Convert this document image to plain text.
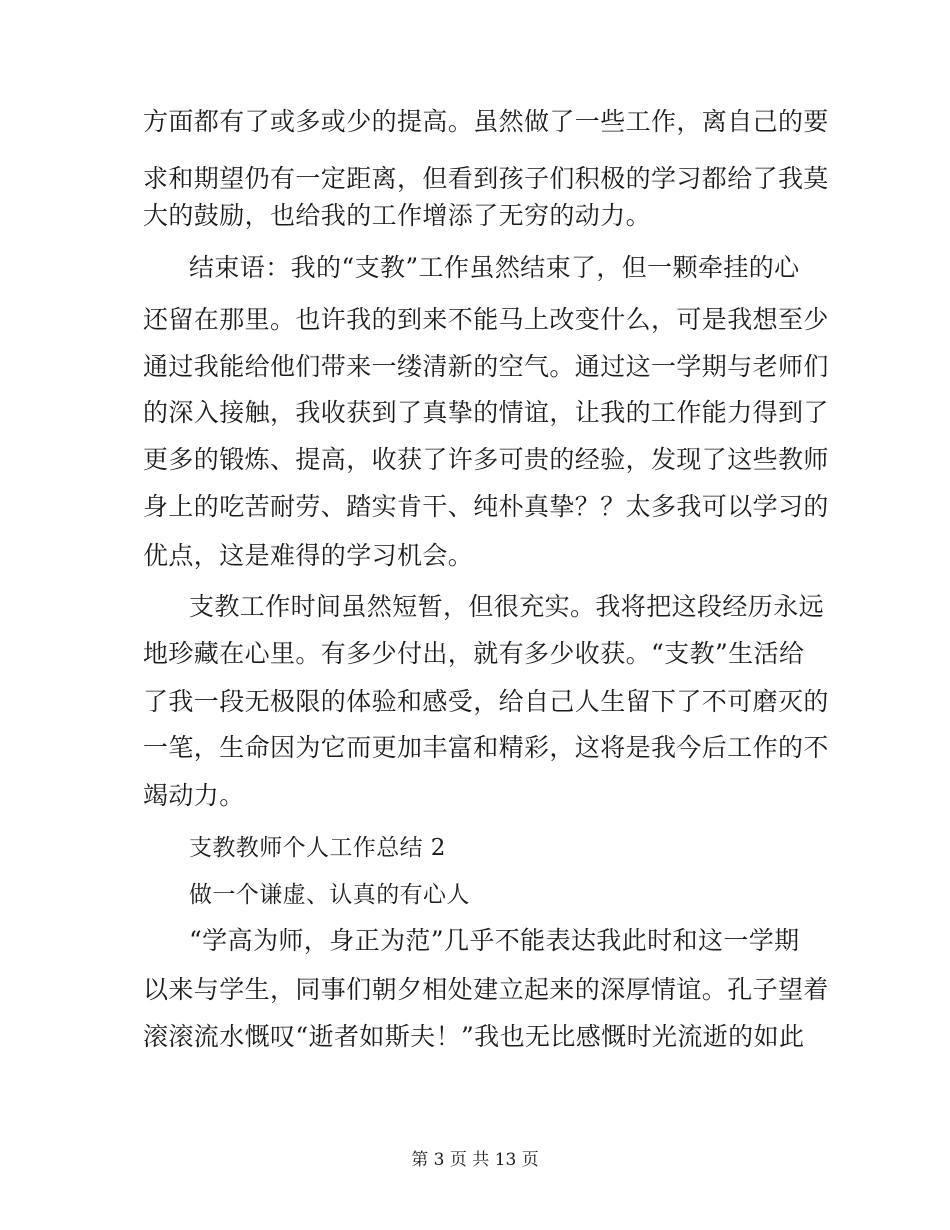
方面都有了或多或少的提高。虽然做了一些工作，离自己的要
求和期望仍有一定距离，但看到孩子们积极的学习都给了我莫
大的鼓励，也给我的工作增添了无穷的动力。
结束语：我的“支教”工作虽然结束了，但一颗牵挂的心
还留在那里。也许我的到来不能马上改变什么，可是我想至少
通过我能给他们带来一缕清新的空气。通过这一学期与老师们
的深入接触，我收获到了真挚的情谊，让我的工作能力得到了
更多的锻炼、提高，收获了许多可贵的经验，发现了这些教师
身上的吃苦耐劳、踏实肯干、纯朴真挚？？太多我可以学习的
优点，这是难得的学习机会。
支教工作时间虽然短暂，但很充实。我将把这段经历永远
地珍藏在心里。有多少付出，就有多少收获。“支教”生活给
了我一段无极限的体验和感受，给自己人生留下了不可磨灭的
一笔，生命因为它而更加丰富和精彩，这将是我今后工作的不
竭动力。
支教教师个人工作总结 2
做一个谦虚、认真的有心人
“学高为师，身正为范”几乎不能表达我此时和这一学期
以来与学生，同事们朝夕相处建立起来的深厚情谊。孔子望着
滚滚流水慨叹“逝者如斯夫！”我也无比感慨时光流逝的如此
第 3 页 共 13 页
